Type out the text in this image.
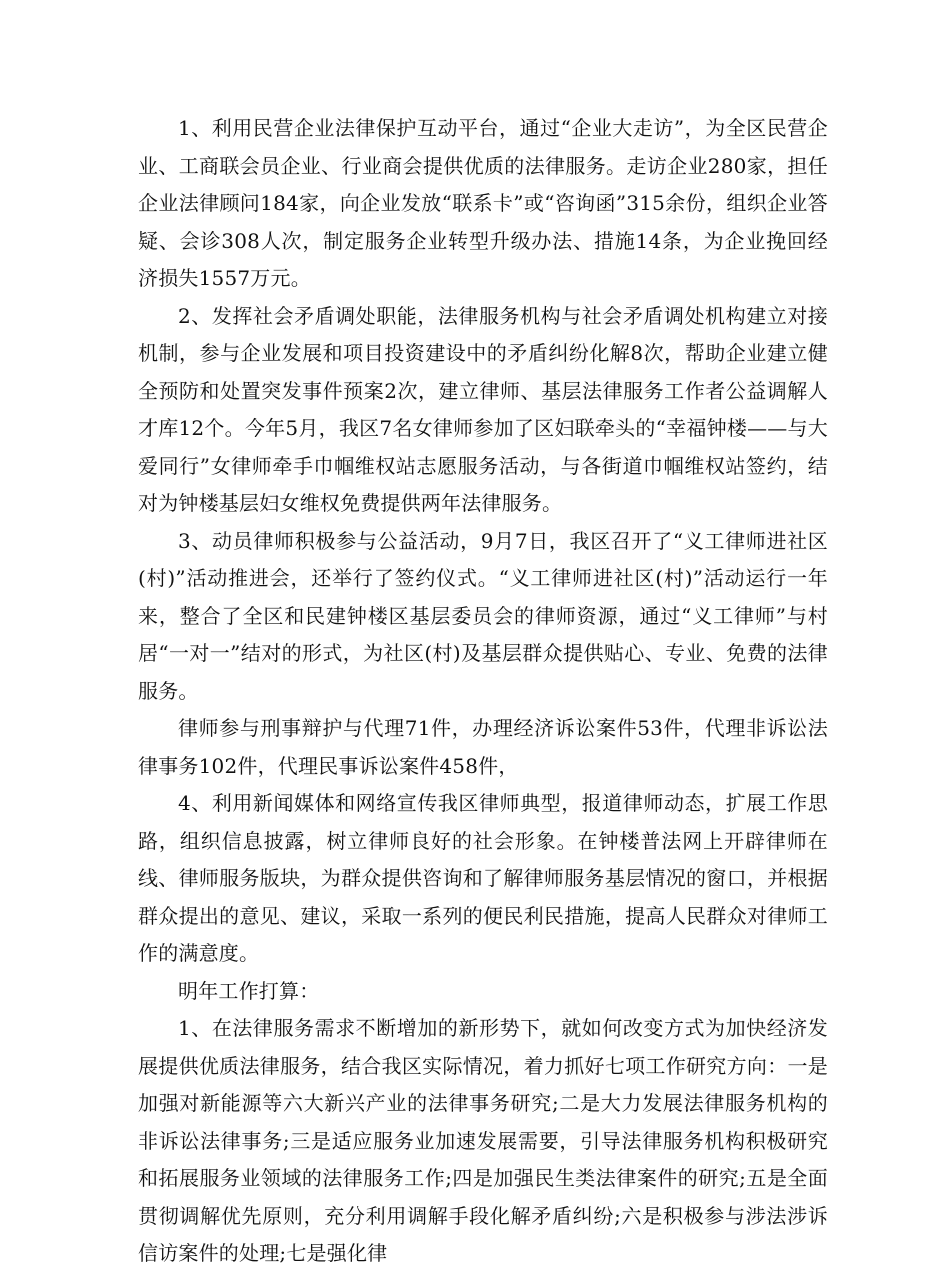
1、利用民营企业法律保护互动平台，通过“企业大走访”，为全区民营企业、工商联会员企业、行业商会提供优质的法律服务。走访企业280家，担任企业法律顾问184家，向企业发放“联系卡”或“咨询函”315余份，组织企业答疑、会诊308人次，制定服务企业转型升级办法、措施14条，为企业挽回经济损失1557万元。

2、发挥社会矛盾调处职能，法律服务机构与社会矛盾调处机构建立对接机制，参与企业发展和项目投资建设中的矛盾纠纷化解8次，帮助企业建立健全预防和处置突发事件预案2次，建立律师、基层法律服务工作者公益调解人才库12个。今年5月，我区7名女律师参加了区妇联牵头的“幸福钟楼——与大爱同行”女律师牵手巾帼维权站志愿服务活动，与各街道巾帼维权站签约，结对为钟楼基层妇女维权免费提供两年法律服务。

3、动员律师积极参与公益活动，9月7日，我区召开了“义工律师进社区(村)”活动推进会，还举行了签约仪式。“义工律师进社区(村)”活动运行一年来，整合了全区和民建钟楼区基层委员会的律师资源，通过“义工律师”与村居“一对一”结对的形式，为社区(村)及基层群众提供贴心、专业、免费的法律服务。

律师参与刑事辩护与代理71件，办理经济诉讼案件53件，代理非诉讼法律事务102件，代理民事诉讼案件458件，

4、利用新闻媒体和网络宣传我区律师典型，报道律师动态，扩展工作思路，组织信息披露，树立律师良好的社会形象。在钟楼普法网上开辟律师在线、律师服务版块，为群众提供咨询和了解律师服务基层情况的窗口，并根据群众提出的意见、建议，采取一系列的便民利民措施，提高人民群众对律师工作的满意度。

明年工作打算：

1、在法律服务需求不断增加的新形势下，就如何改变方式为加快经济发展提供优质法律服务，结合我区实际情况，着力抓好七项工作研究方向：一是加强对新能源等六大新兴产业的法律事务研究;二是大力发展法律服务机构的非诉讼法律事务;三是适应服务业加速发展需要，引导法律服务机构积极研究和拓展服务业领域的法律服务工作;四是加强民生类法律案件的研究;五是全面贯彻调解优先原则，充分利用调解手段化解矛盾纠纷;六是积极参与涉法涉诉信访案件的处理;七是强化律
